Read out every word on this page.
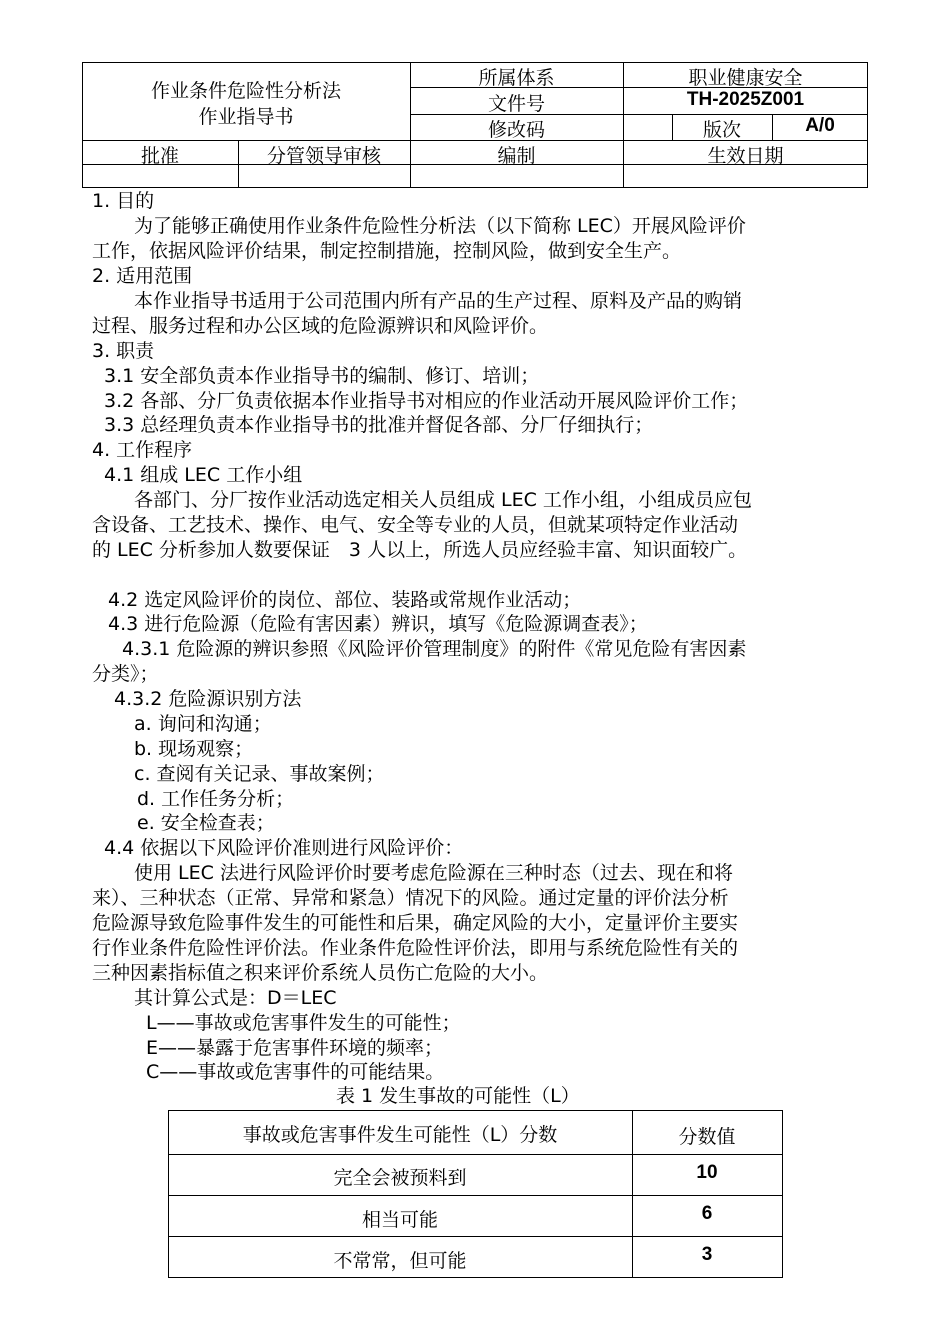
作业条件危险性分析法
作业指导书
所属体系	职业健康安全
文件号	TH-2025Z001
修改码	版次	A/0
批准	分管领导审核	编制	生效日期
1. 目的
为了能够正确使用作业条件危险性分析法（以下简称 LEC）开展风险评价
工作，依据风险评价结果，制定控制措施，控制风险，做到安全生产。
2. 适用范围
本作业指导书适用于公司范围内所有产品的生产过程、原料及产品的购销
过程、服务过程和办公区域的危险源辨识和风险评价。
3. 职责
3.1 安全部负责本作业指导书的编制、修订、培训；
3.2 各部、分厂负责依据本作业指导书对相应的作业活动开展风险评价工作；
3.3 总经理负责本作业指导书的批准并督促各部、分厂仔细执行；
4. 工作程序
4.1 组成 LEC 工作小组
各部门、分厂按作业活动选定相关人员组成 LEC 工作小组，小组成员应包
含设备、工艺技术、操作、电气、安全等专业的人员，但就某项特定作业活动
的 LEC 分析参加人数要保证　3 人以上，所选人员应经验丰富、知识面较广。
4.2 选定风险评价的岗位、部位、装路或常规作业活动；
4.3 进行危险源（危险有害因素）辨识，填写《危险源调查表》；
4.3.1 危险源的辨识参照《风险评价管理制度》的附件《常见危险有害因素
分类》；
4.3.2 危险源识别方法
a. 询问和沟通；
b. 现场观察；
c. 查阅有关记录、事故案例；
d. 工作任务分析；
e. 安全检查表；
4.4 依据以下风险评价准则进行风险评价：
使用 LEC 法进行风险评价时要考虑危险源在三种时态（过去、现在和将
来）、三种状态（正常、异常和紧急）情况下的风险。通过定量的评价法分析
危险源导致危险事件发生的可能性和后果，确定风险的大小，定量评价主要实
行作业条件危险性评价法。作业条件危险性评价法，即用与系统危险性有关的
三种因素指标值之积来评价系统人员伤亡危险的大小。
其计算公式是：D＝LEC
L——事故或危害事件发生的可能性；
E——暴露于危害事件环境的频率；
C——事故或危害事件的可能结果。
表 1 发生事故的可能性（L）
事故或危害事件发生可能性（L）分数	分数值
完全会被预料到	10
相当可能	6
不常常，但可能	3
